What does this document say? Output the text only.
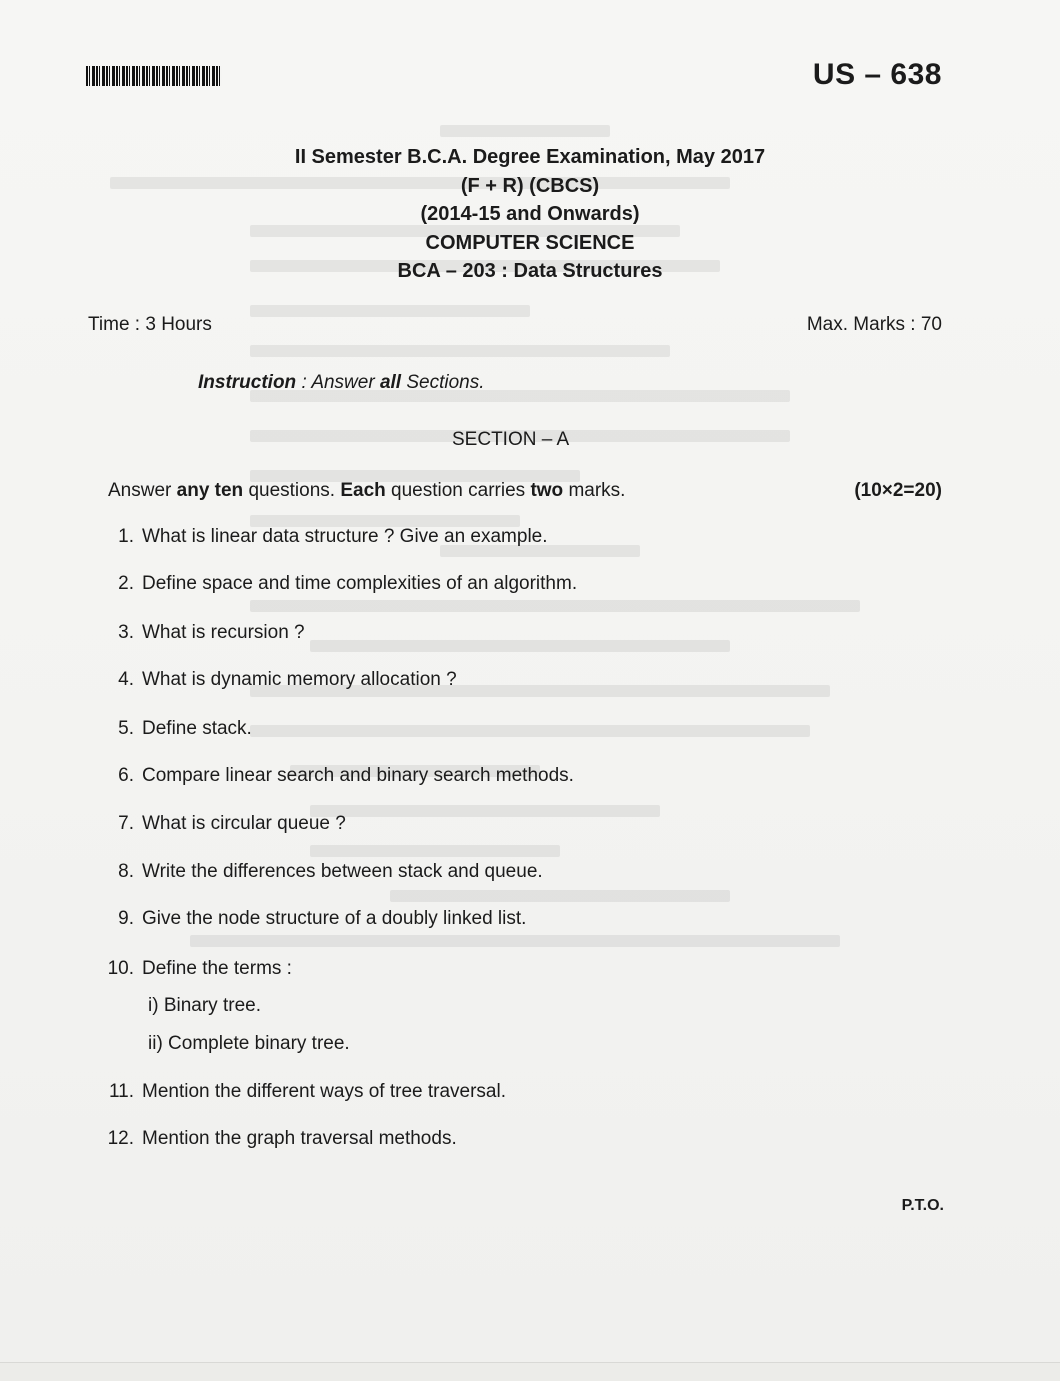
US – 638
II Semester B.C.A. Degree Examination, May 2017
(F + R) (CBCS)
(2014-15 and Onwards)
COMPUTER SCIENCE
BCA – 203 : Data Structures
Time : 3 Hours	Max. Marks : 70
Instruction : Answer all Sections.
SECTION – A
Answer any ten questions. Each question carries two marks.	(10×2=20)
1. What is linear data structure ? Give an example.
2. Define space and time complexities of an algorithm.
3. What is recursion ?
4. What is dynamic memory allocation ?
5. Define stack.
6. Compare linear search and binary search methods.
7. What is circular queue ?
8. Write the differences between stack and queue.
9. Give the node structure of a doubly linked list.
10. Define the terms :
i) Binary tree.
ii) Complete binary tree.
11. Mention the different ways of tree traversal.
12. Mention the graph traversal methods.
P.T.O.
